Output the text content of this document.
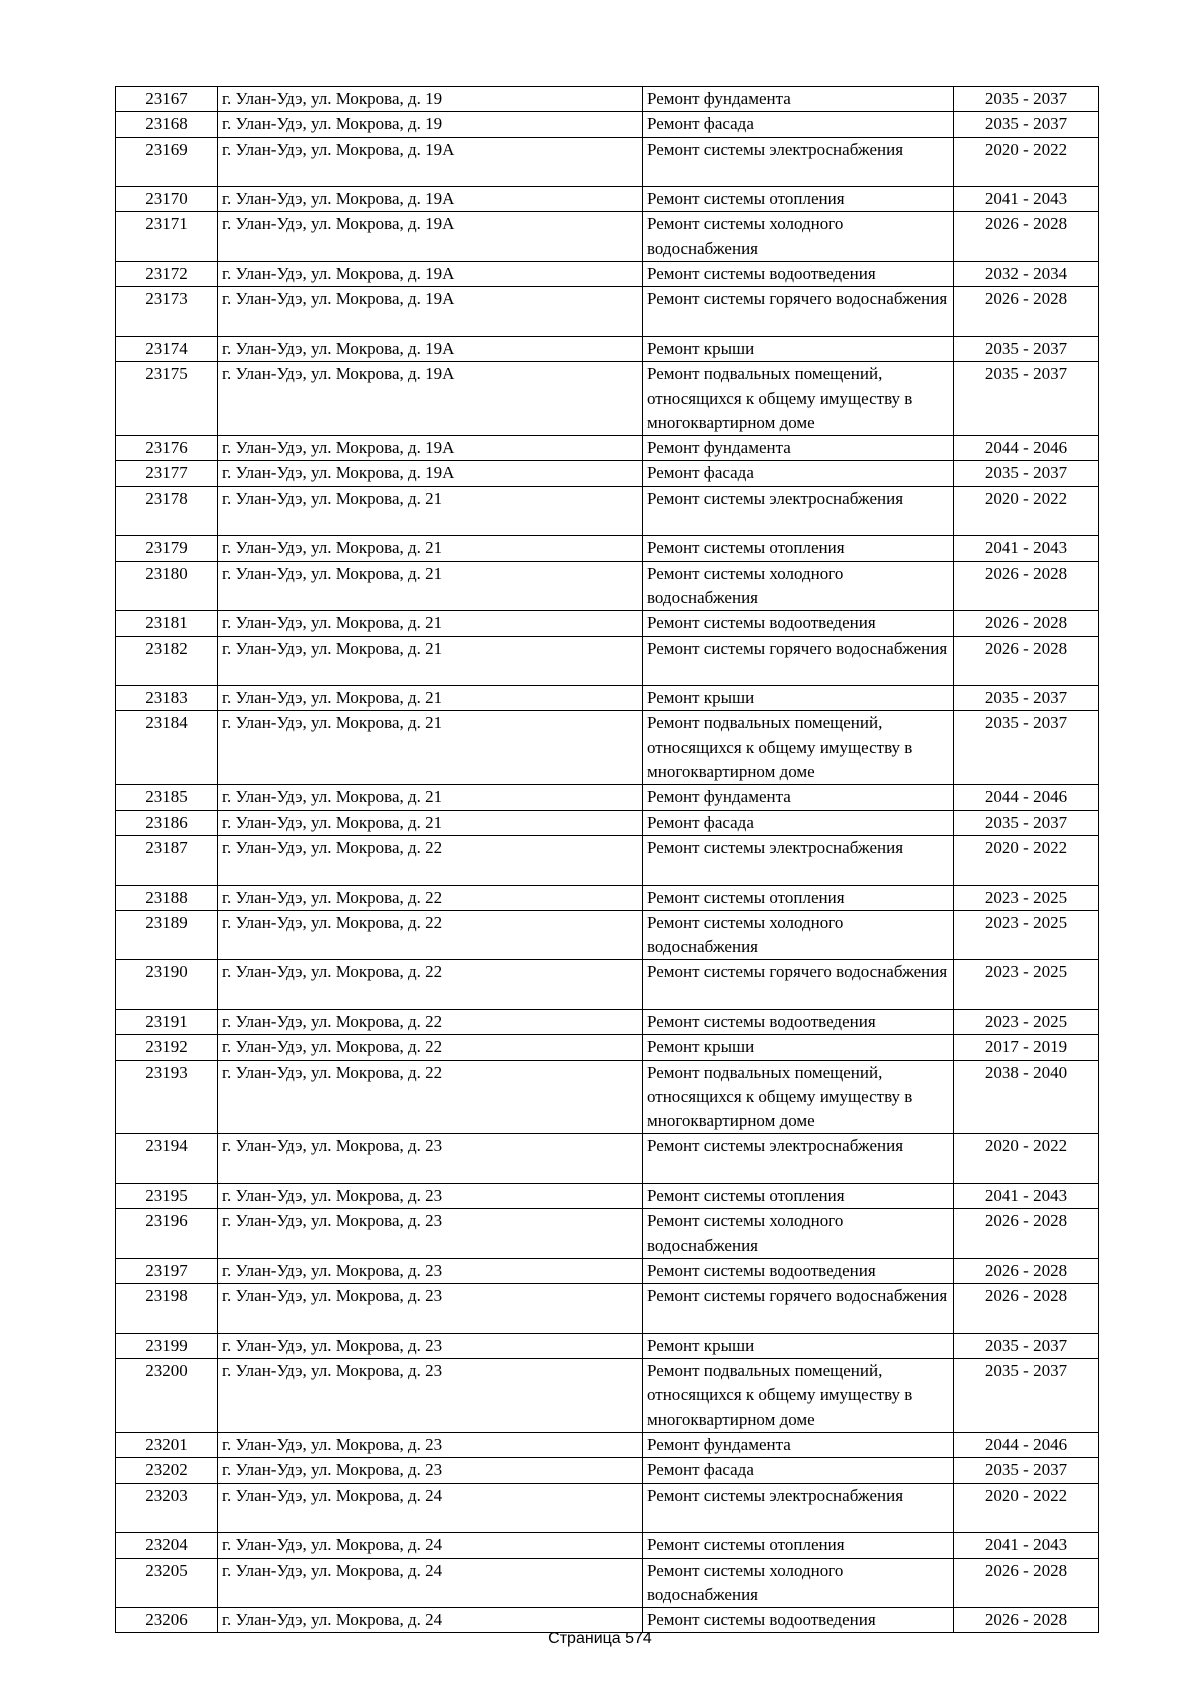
23167	г. Улан-Удэ, ул. Мокрова, д. 19	Ремонт фундамента	2035 - 2037
23168	г. Улан-Удэ, ул. Мокрова, д. 19	Ремонт фасада	2035 - 2037
23169	г. Улан-Удэ, ул. Мокрова, д. 19А	Ремонт системы электроснабжения	2020 - 2022
23170	г. Улан-Удэ, ул. Мокрова, д. 19А	Ремонт системы отопления	2041 - 2043
23171	г. Улан-Удэ, ул. Мокрова, д. 19А	Ремонт системы холодного водоснабжения	2026 - 2028
23172	г. Улан-Удэ, ул. Мокрова, д. 19А	Ремонт системы водоотведения	2032 - 2034
23173	г. Улан-Удэ, ул. Мокрова, д. 19А	Ремонт системы горячего водоснабжения	2026 - 2028
23174	г. Улан-Удэ, ул. Мокрова, д. 19А	Ремонт крыши	2035 - 2037
23175	г. Улан-Удэ, ул. Мокрова, д. 19А	Ремонт подвальных помещений, относящихся к общему имуществу в многоквартирном доме	2035 - 2037
23176	г. Улан-Удэ, ул. Мокрова, д. 19А	Ремонт фундамента	2044 - 2046
23177	г. Улан-Удэ, ул. Мокрова, д. 19А	Ремонт фасада	2035 - 2037
23178	г. Улан-Удэ, ул. Мокрова, д. 21	Ремонт системы электроснабжения	2020 - 2022
23179	г. Улан-Удэ, ул. Мокрова, д. 21	Ремонт системы отопления	2041 - 2043
23180	г. Улан-Удэ, ул. Мокрова, д. 21	Ремонт системы холодного водоснабжения	2026 - 2028
23181	г. Улан-Удэ, ул. Мокрова, д. 21	Ремонт системы водоотведения	2026 - 2028
23182	г. Улан-Удэ, ул. Мокрова, д. 21	Ремонт системы горячего водоснабжения	2026 - 2028
23183	г. Улан-Удэ, ул. Мокрова, д. 21	Ремонт крыши	2035 - 2037
23184	г. Улан-Удэ, ул. Мокрова, д. 21	Ремонт подвальных помещений, относящихся к общему имуществу в многоквартирном доме	2035 - 2037
23185	г. Улан-Удэ, ул. Мокрова, д. 21	Ремонт фундамента	2044 - 2046
23186	г. Улан-Удэ, ул. Мокрова, д. 21	Ремонт фасада	2035 - 2037
23187	г. Улан-Удэ, ул. Мокрова, д. 22	Ремонт системы электроснабжения	2020 - 2022
23188	г. Улан-Удэ, ул. Мокрова, д. 22	Ремонт системы отопления	2023 - 2025
23189	г. Улан-Удэ, ул. Мокрова, д. 22	Ремонт системы холодного водоснабжения	2023 - 2025
23190	г. Улан-Удэ, ул. Мокрова, д. 22	Ремонт системы горячего водоснабжения	2023 - 2025
23191	г. Улан-Удэ, ул. Мокрова, д. 22	Ремонт системы водоотведения	2023 - 2025
23192	г. Улан-Удэ, ул. Мокрова, д. 22	Ремонт крыши	2017 - 2019
23193	г. Улан-Удэ, ул. Мокрова, д. 22	Ремонт подвальных помещений, относящихся к общему имуществу в многоквартирном доме	2038 - 2040
23194	г. Улан-Удэ, ул. Мокрова, д. 23	Ремонт системы электроснабжения	2020 - 2022
23195	г. Улан-Удэ, ул. Мокрова, д. 23	Ремонт системы отопления	2041 - 2043
23196	г. Улан-Удэ, ул. Мокрова, д. 23	Ремонт системы холодного водоснабжения	2026 - 2028
23197	г. Улан-Удэ, ул. Мокрова, д. 23	Ремонт системы водоотведения	2026 - 2028
23198	г. Улан-Удэ, ул. Мокрова, д. 23	Ремонт системы горячего водоснабжения	2026 - 2028
23199	г. Улан-Удэ, ул. Мокрова, д. 23	Ремонт крыши	2035 - 2037
23200	г. Улан-Удэ, ул. Мокрова, д. 23	Ремонт подвальных помещений, относящихся к общему имуществу в многоквартирном доме	2035 - 2037
23201	г. Улан-Удэ, ул. Мокрова, д. 23	Ремонт фундамента	2044 - 2046
23202	г. Улан-Удэ, ул. Мокрова, д. 23	Ремонт фасада	2035 - 2037
23203	г. Улан-Удэ, ул. Мокрова, д. 24	Ремонт системы электроснабжения	2020 - 2022
23204	г. Улан-Удэ, ул. Мокрова, д. 24	Ремонт системы отопления	2041 - 2043
23205	г. Улан-Удэ, ул. Мокрова, д. 24	Ремонт системы холодного водоснабжения	2026 - 2028
23206	г. Улан-Удэ, ул. Мокрова, д. 24	Ремонт системы водоотведения	2026 - 2028
Страница 574
